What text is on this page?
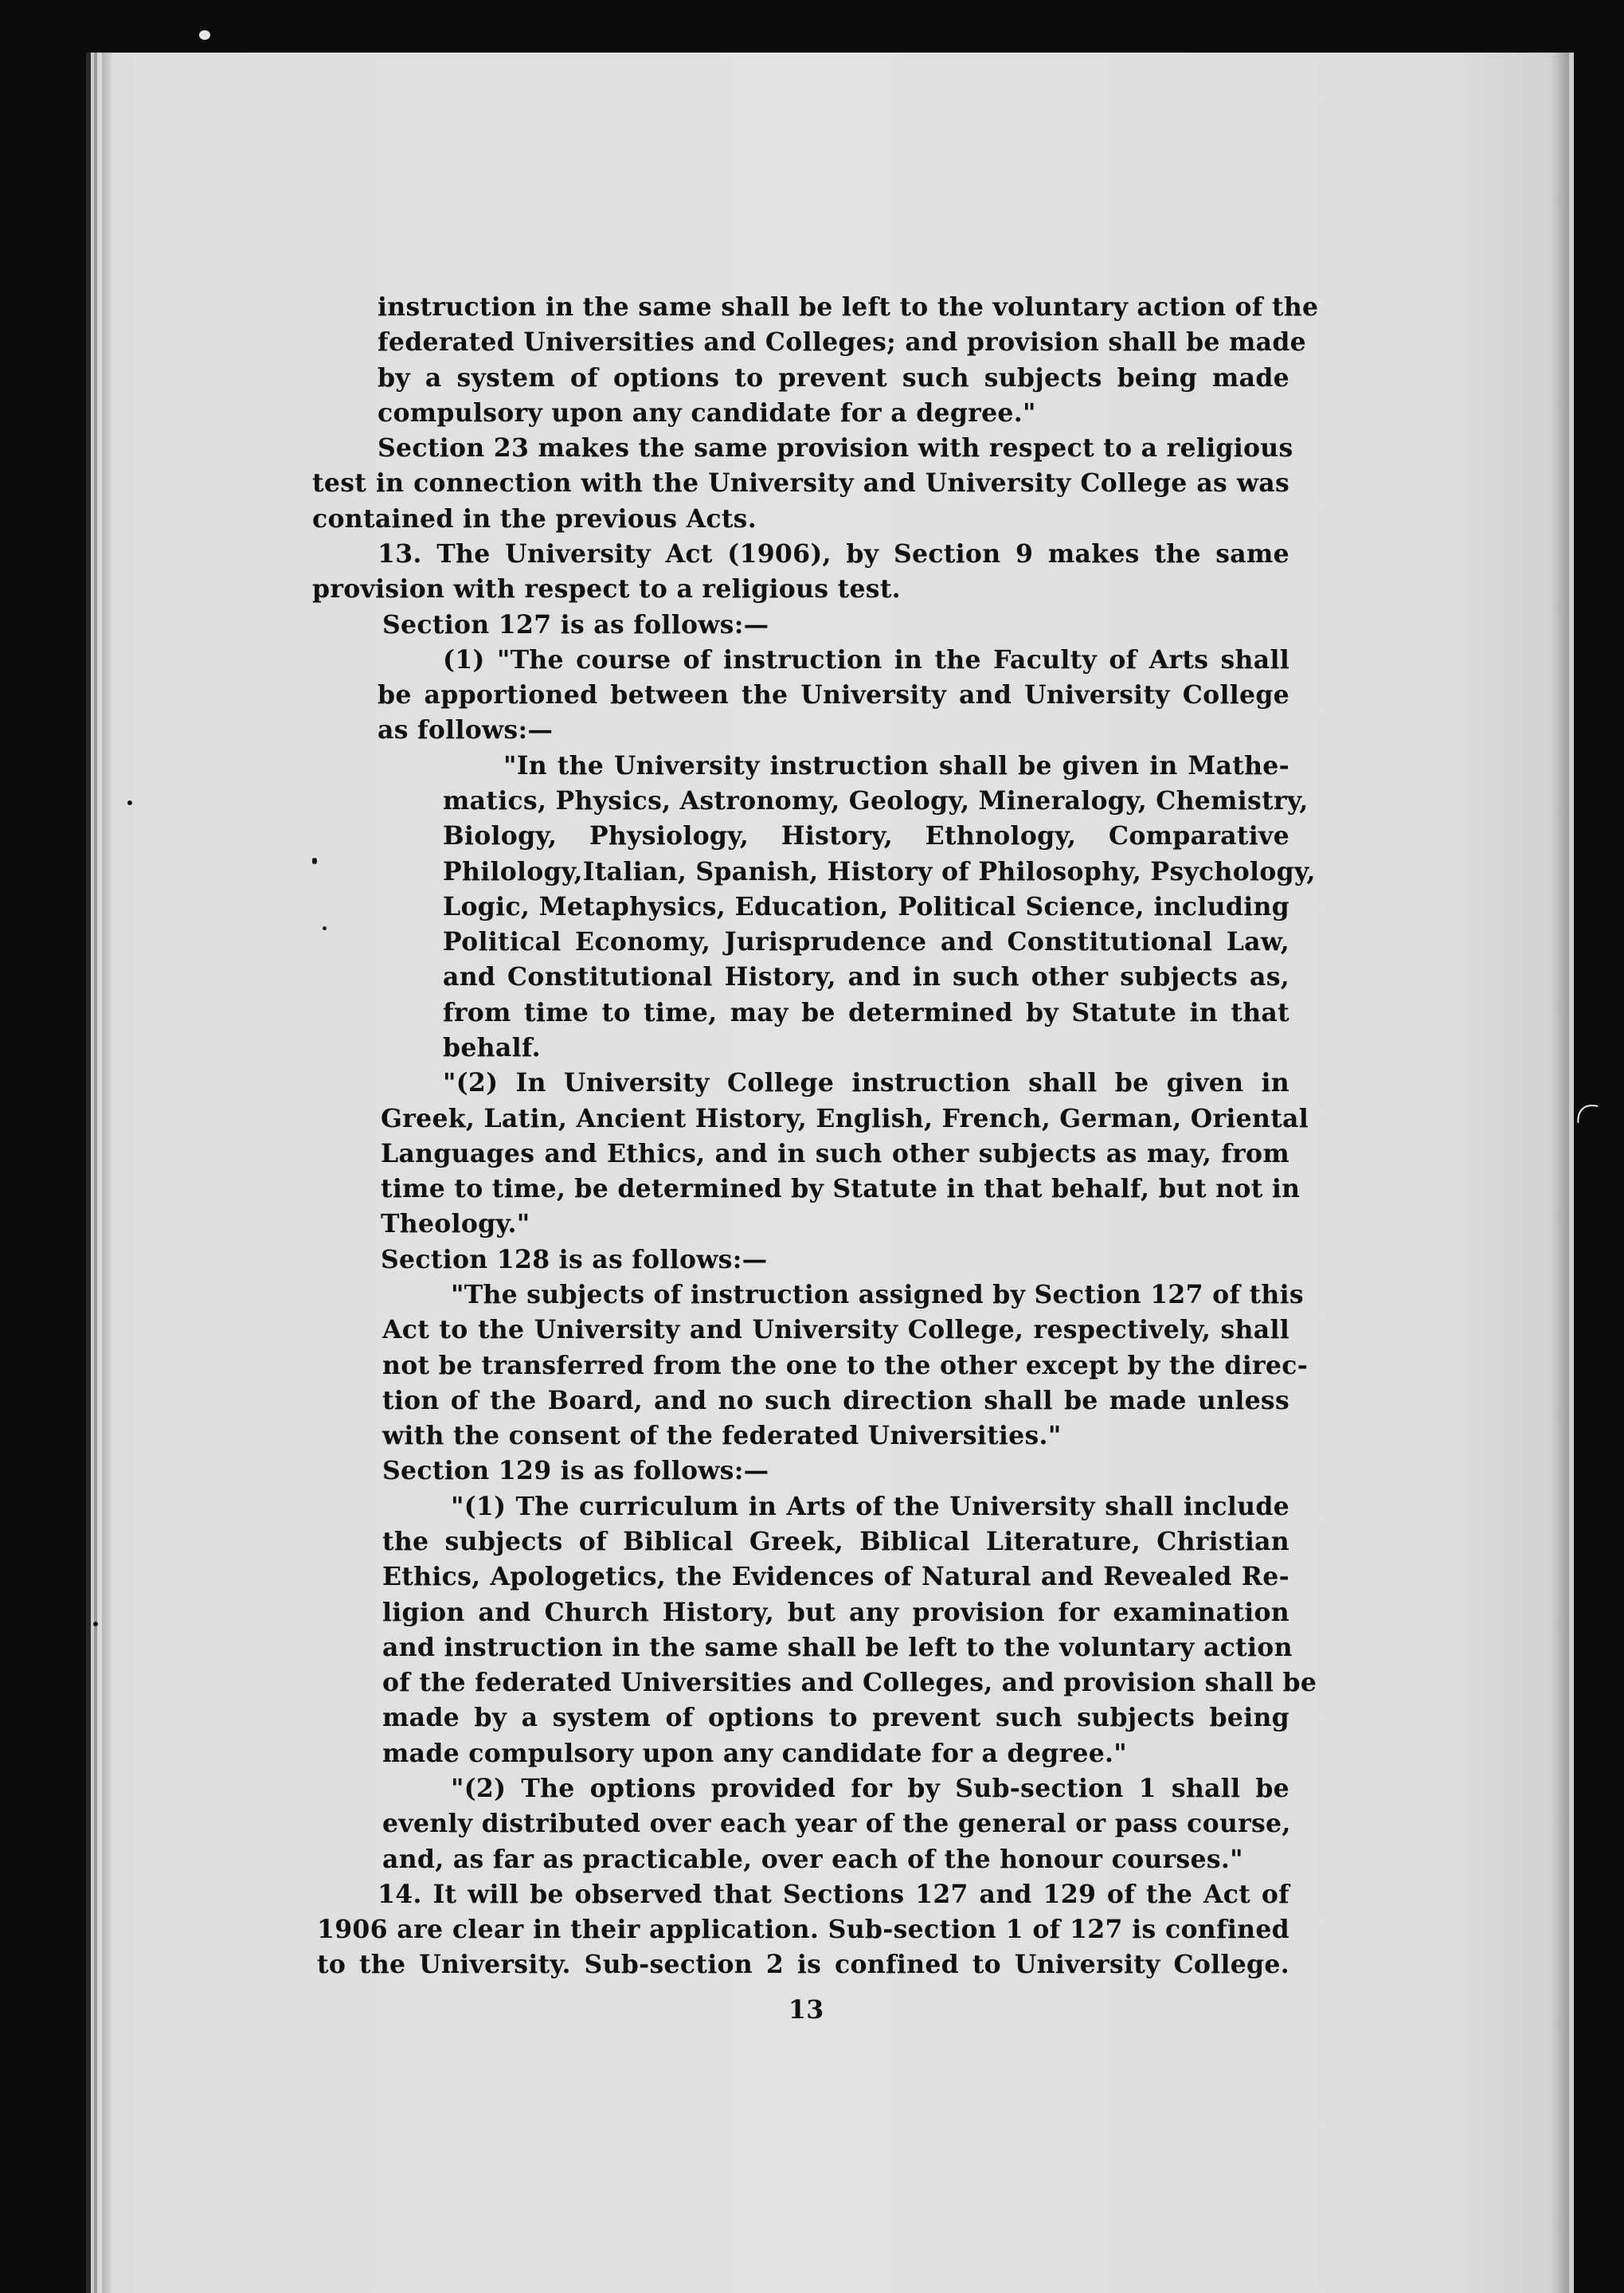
instruction in the same shall be left to the voluntary action of the
federated Universities and Colleges; and provision shall be made
by a system of options to prevent such subjects being made
compulsory upon any candidate for a degree."
Section 23 makes the same provision with respect to a religious
test in connection with the University and University College as was
contained in the previous Acts.
13. The University Act (1906), by Section 9 makes the same
provision with respect to a religious test.
Section 127 is as follows:—
(1) "The course of instruction in the Faculty of Arts shall
be apportioned between the University and University College
as follows:—
"In the University instruction shall be given in Mathe-
matics, Physics, Astronomy, Geology, Mineralogy, Chemistry,
Biology, Physiology, History, Ethnology, Comparative
Philology,Italian, Spanish, History of Philosophy, Psychology,
Logic, Metaphysics, Education, Political Science, including
Political Economy, Jurisprudence and Constitutional Law,
and Constitutional History, and in such other subjects as,
from time to time, may be determined by Statute in that
behalf.
"(2) In University College instruction shall be given in
Greek, Latin, Ancient History, English, French, German, Oriental
Languages and Ethics, and in such other subjects as may, from
time to time, be determined by Statute in that behalf, but not in
Theology."
Section 128 is as follows:—
"The subjects of instruction assigned by Section 127 of this
Act to the University and University College, respectively, shall
not be transferred from the one to the other except by the direc-
tion of the Board, and no such direction shall be made unless
with the consent of the federated Universities."
Section 129 is as follows:—
"(1) The curriculum in Arts of the University shall include
the subjects of Biblical Greek, Biblical Literature, Christian
Ethics, Apologetics, the Evidences of Natural and Revealed Re-
ligion and Church History, but any provision for examination
and instruction in the same shall be left to the voluntary action
of the federated Universities and Colleges, and provision shall be
made by a system of options to prevent such subjects being
made compulsory upon any candidate for a degree."
"(2) The options provided for by Sub-section 1 shall be
evenly distributed over each year of the general or pass course,
and, as far as practicable, over each of the honour courses."
14. It will be observed that Sections 127 and 129 of the Act of
1906 are clear in their application. Sub-section 1 of 127 is confined
to the University. Sub-section 2 is confined to University College.
13
